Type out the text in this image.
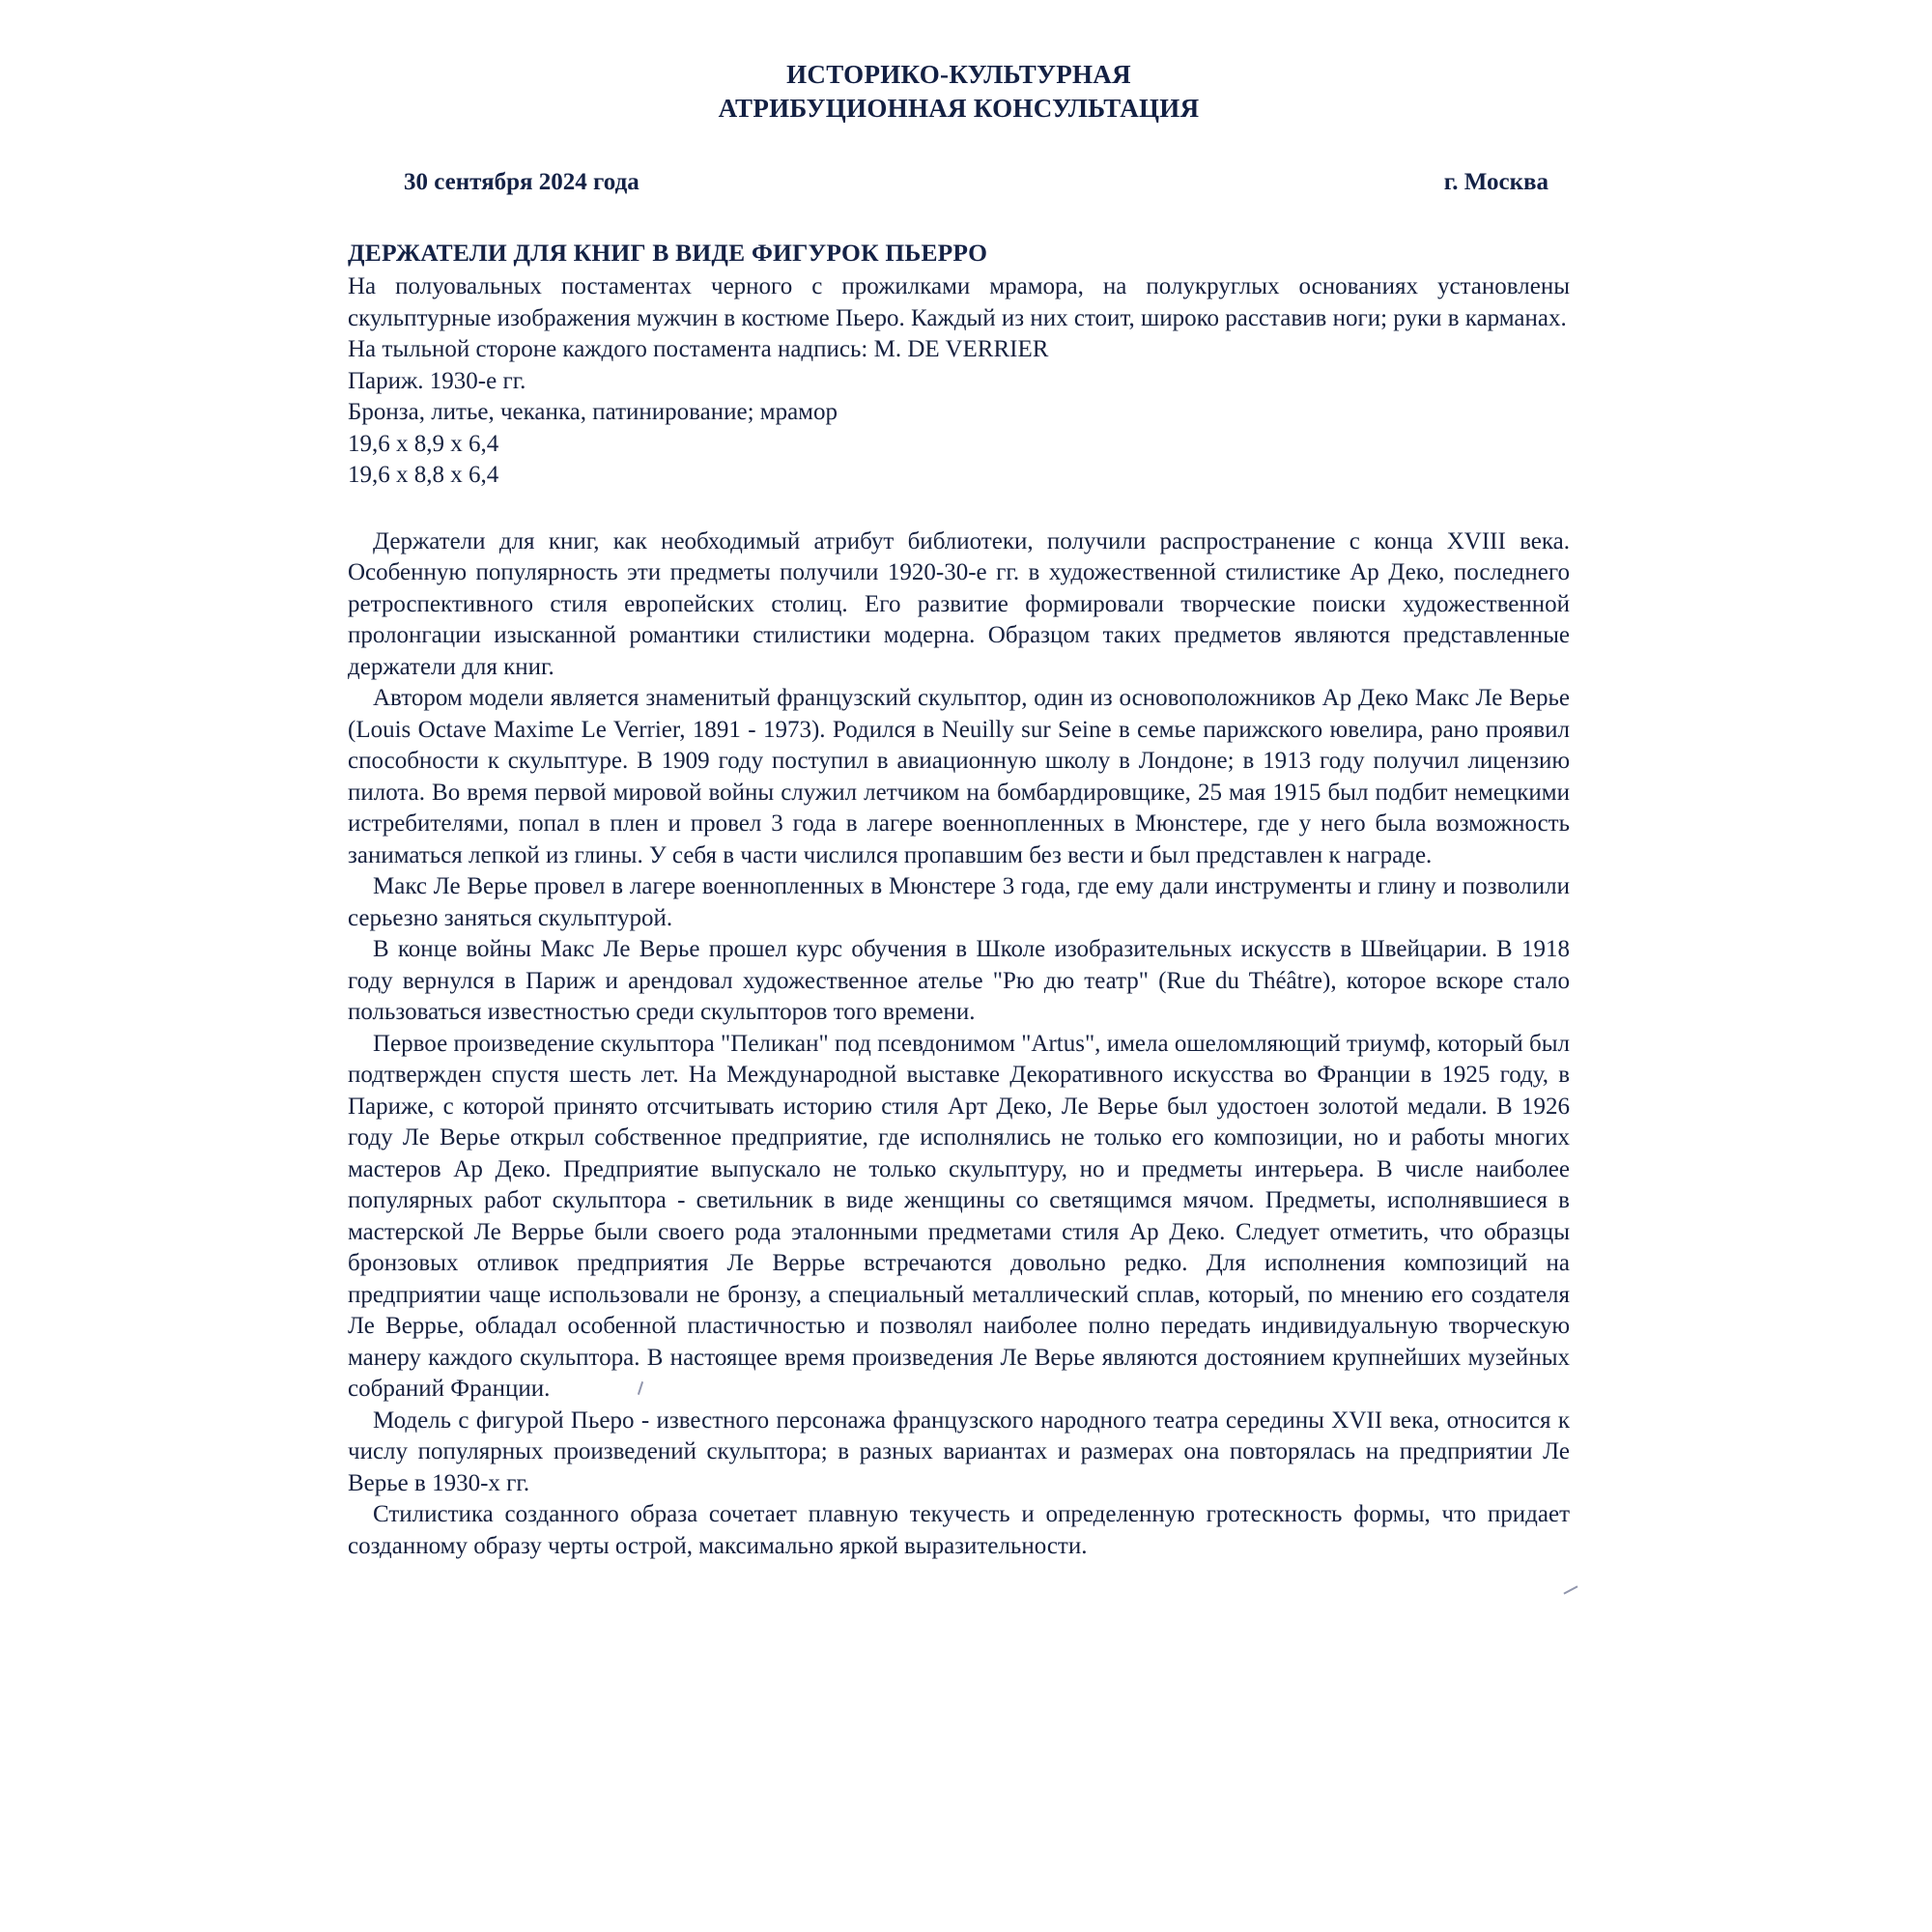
ИСТОРИКО-КУЛЬТУРНАЯ
АТРИБУЦИОННАЯ КОНСУЛЬТАЦИЯ
30 сентября 2024 года	г. Москва
ДЕРЖАТЕЛИ ДЛЯ КНИГ В ВИДЕ ФИГУРОК ПЬЕРРО

На полуовальных постаментах черного с прожилками мрамора, на полукруглых основаниях установлены скульптурные изображения мужчин в костюме Пьеро. Каждый из них стоит, широко расставив ноги; руки в карманах.

На тыльной стороне каждого постамента надпись: M. DE VERRIER

Париж. 1930-е гг.

Бронза, литье, чеканка, патинирование; мрамор

19,6 х 8,9 х 6,4

19,6 х 8,8 х 6,4

Держатели для книг, как необходимый атрибут библиотеки, получили распространение с конца XVIII века. Особенную популярность эти предметы получили 1920-30-е гг. в художественной стилистике Ар Деко, последнего ретроспективного стиля европейских столиц. Его развитие формировали творческие поиски художественной пролонгации изысканной романтики стилистики модерна. Образцом таких предметов являются представленные держатели для книг.

Автором модели является знаменитый французский скульптор, один из основоположников Ар Деко Макс Ле Верье (Louis Octave Maxime Le Verrier, 1891 - 1973). Родился в Neuilly sur Seine в семье парижского ювелира, рано проявил способности к скульптуре. В 1909 году поступил в авиационную школу в Лондоне; в 1913 году получил лицензию пилота. Во время первой мировой войны служил летчиком на бомбардировщике, 25 мая 1915 был подбит немецкими истребителями, попал в плен и провел 3 года в лагере военнопленных в Мюнстере, где у него была возможность заниматься лепкой из глины. У себя в части числился пропавшим без вести и был представлен к награде.

Макс Ле Верье провел в лагере военнопленных в Мюнстере 3 года, где ему дали инструменты и глину и позволили серьезно заняться скульптурой.

В конце войны Макс Ле Верье прошел курс обучения в Школе изобразительных искусств в Швейцарии. В 1918 году вернулся в Париж и арендовал художественное ателье "Рю дю театр" (Rue du Théâtre), которое вскоре стало пользоваться известностью среди скульпторов того времени.

Первое произведение скульптора "Пеликан" под псевдонимом "Artus", имела ошеломляющий триумф, который был подтвержден спустя шесть лет. На Международной выставке Декоративного искусства во Франции в 1925 году, в Париже, с которой принято отсчитывать историю стиля Арт Деко, Ле Верье был удостоен золотой медали. В 1926 году Ле Верье открыл собственное предприятие, где исполнялись не только его композиции, но и работы многих мастеров Ар Деко. Предприятие выпускало не только скульптуру, но и предметы интерьера. В числе наиболее популярных работ скульптора - светильник в виде женщины со светящимся мячом. Предметы, исполнявшиеся в мастерской Ле Веррье были своего рода эталонными предметами стиля Ар Деко. Следует отметить, что образцы бронзовых отливок предприятия Ле Веррье встречаются довольно редко. Для исполнения композиций на предприятии чаще использовали не бронзу, а специальный металлический сплав, который, по мнению его создателя Ле Веррье, обладал особенной пластичностью и позволял наиболее полно передать индивидуальную творческую манеру каждого скульптора. В настоящее время произведения Ле Верье являются достоянием крупнейших музейных собраний Франции.

Модель с фигурой Пьеро - известного персонажа французского народного театра середины XVII века, относится к числу популярных произведений скульптора; в разных вариантах и размерах она повторялась на предприятии Ле Верье в 1930-х гг.

Стилистика созданного образа сочетает плавную текучесть и определенную гротескность формы, что придает созданному образу черты острой, максимально яркой выразительности.
